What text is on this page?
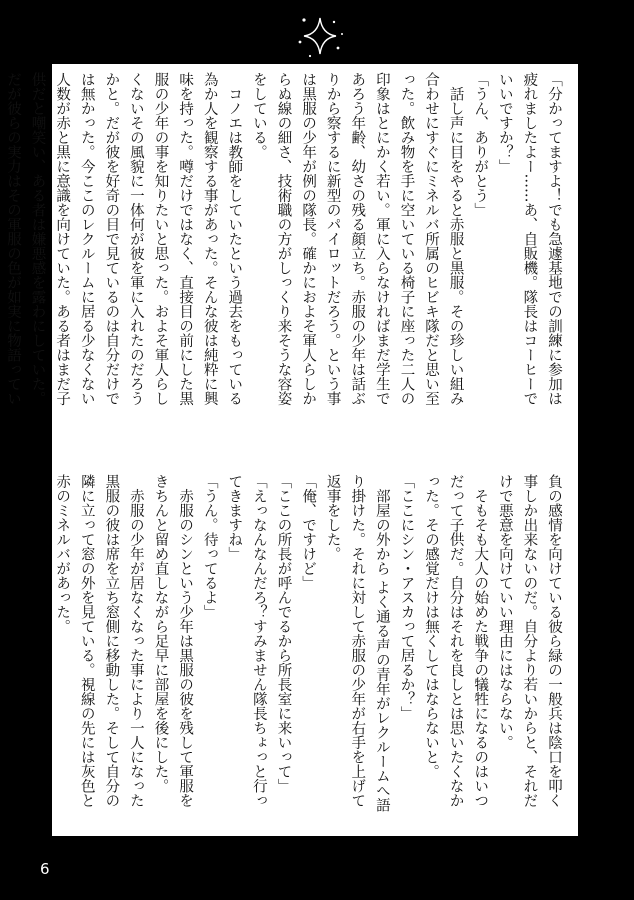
「分かってますよ！でも急遽基地での訓練に参加は疲れましたよー……あ、自販機。隊長はコーヒーでいいですか？」

「うん、ありがとう」

　話し声に目をやると赤服と黒服。その珍しい組み合わせにすぐにミネルバ所属のヒビキ隊だと思い至った。飲み物を手に空いている椅子に座った二人の印象はとにかく若い。軍に入らなければまだ学生であろう年齢、幼さの残る顔立ち。赤服の少年は話ぶりから察するに新型のパイロットだろう。という事は黒服の少年が例の隊長。確かにおよそ軍人らしからぬ線の細さ、技術職の方がしっくり来そうな容姿をしている。

　コノエは教師をしていたという過去をもっている為か人を観察する事があった。そんな彼は純粋に興味を持った。噂だけではなく、直接目の前にした黒服の少年の事を知りたいと思った。およそ軍人らしくないその風貌に一体何が彼を軍に入れたのだろうかと。だが彼を好奇の目で見ているのは自分だけでは無かった。今ここのレクルームに居る少なくない人数が赤と黒に意識を向けていた。ある者はまだ子供だと嘲笑い、ある者は嫌悪感を露わにしていた。だが彼らの実力はその軍服の色が如実に物語ってい

負の感情を向けている彼ら緑の一般兵は陰口を叩く事しか出来ないのだ。自分より若いからと、それだけで悪意を向けていい理由にはならない。

　そもそも大人の始めた戦争の犠牲になるのはいつだって子供だ。自分はそれを良しとは思いたくなかった。その感覚だけは無くしてはならないと。

「ここにシン・アスカって居るか？」

　部屋の外から よく通る声の青年がレクルームへ語り掛けた。それに対して赤服の少年が右手を上げて返事をした。

「俺、ですけど」

「ここの所長が呼んでるから所長室に来いって」

「えっなんなんだろ？すみません隊長ちょっと行ってきますね」

「うん。待ってるよ」

　赤服のシンという少年は黒服の彼を残して軍服をきちんと留め直しながら足早に部屋を後にした。

　赤服の少年が居なくなった事により一人になった黒服の彼は席を立ち窓側に移動した。そして自分の隣に立って窓の外を見ている。視線の先には灰色と赤のミネルバがあった。

6
